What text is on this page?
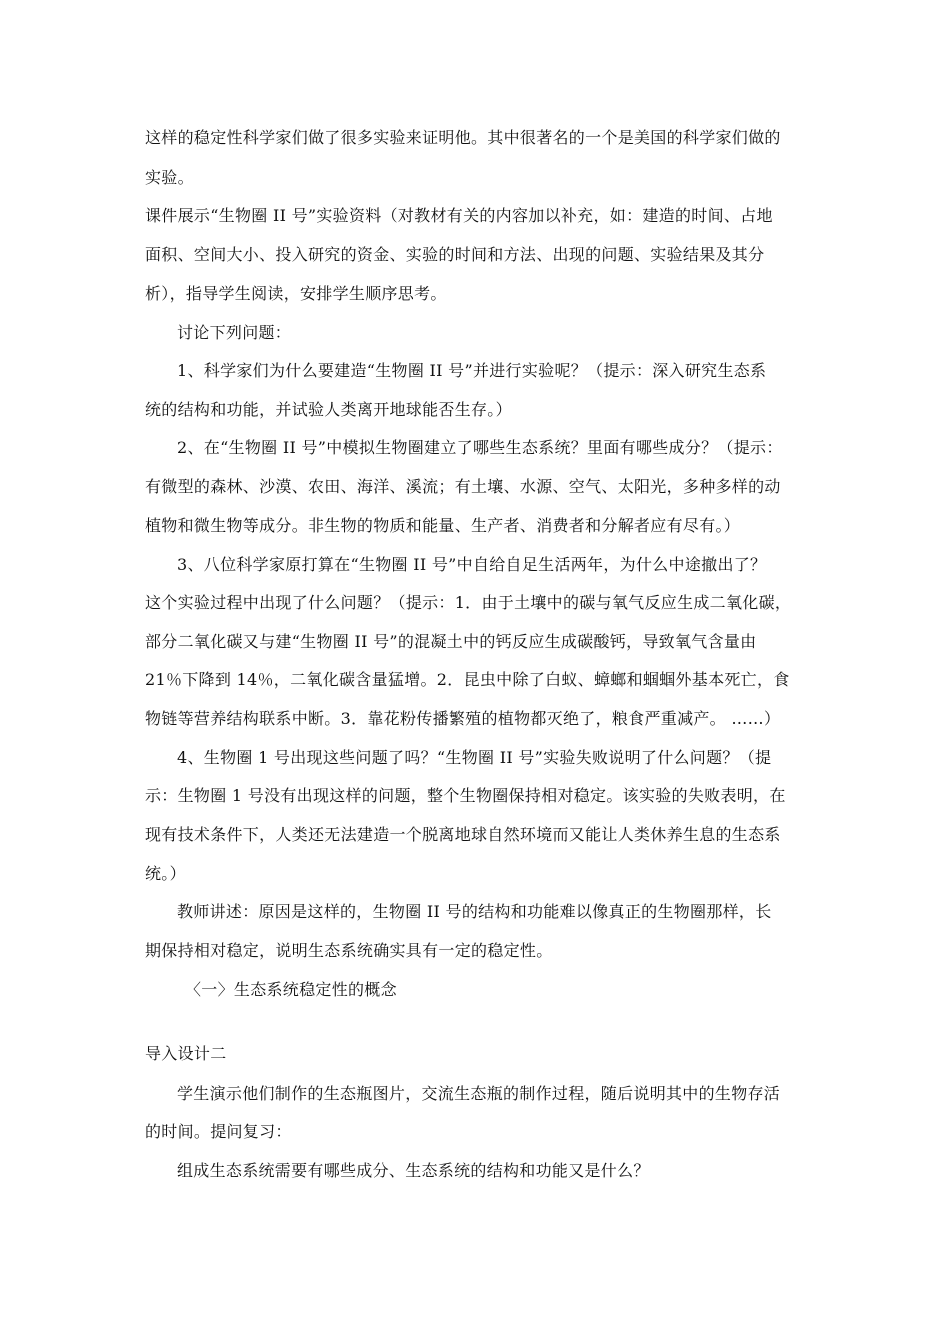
这样的稳定性科学家们做了很多实验来证明他。其中很著名的一个是美国的科学家们做的
实验。
课件展示“生物圈 II 号”实验资料（对教材有关的内容加以补充，如：建造的时间、占地
面积、空间大小、投入研究的资金、实验的时间和方法、出现的问题、实验结果及其分
析），指导学生阅读，安排学生顺序思考。
讨论下列问题：
1、科学家们为什么要建造“生物圈 II 号”并进行实验呢？（提示：深入研究生态系
统的结构和功能，并试验人类离开地球能否生存。）
2、在“生物圈 II 号”中模拟生物圈建立了哪些生态系统？里面有哪些成分？（提示：
有微型的森林、沙漠、农田、海洋、溪流；有土壤、水源、空气、太阳光，多种多样的动
植物和微生物等成分。非生物的物质和能量、生产者、消费者和分解者应有尽有。）
3、八位科学家原打算在“生物圈 II 号”中自给自足生活两年，为什么中途撤出了？
这个实验过程中出现了什么问题？（提示：1．由于土壤中的碳与氧气反应生成二氧化碳，
部分二氧化碳又与建“生物圈 II 号”的混凝土中的钙反应生成碳酸钙，导致氧气含量由
21％下降到 14％，二氧化碳含量猛增。2．昆虫中除了白蚁、蟑螂和蝈蝈外基本死亡，食
物链等营养结构联系中断。3．靠花粉传播繁殖的植物都灭绝了，粮食严重减产。 ……）
4、生物圈 1 号出现这些问题了吗？“生物圈 II 号”实验失败说明了什么问题？（提
示：生物圈 1 号没有出现这样的问题，整个生物圈保持相对稳定。该实验的失败表明，在
现有技术条件下，人类还无法建造一个脱离地球自然环境而又能让人类休养生息的生态系
统。）
教师讲述：原因是这样的，生物圈 II 号的结构和功能难以像真正的生物圈那样，长
期保持相对稳定，说明生态系统确实具有一定的稳定性。
〈一〉生态系统稳定性的概念
导入设计二
学生演示他们制作的生态瓶图片，交流生态瓶的制作过程，随后说明其中的生物存活
的时间。提问复习：
组成生态系统需要有哪些成分、生态系统的结构和功能又是什么？
